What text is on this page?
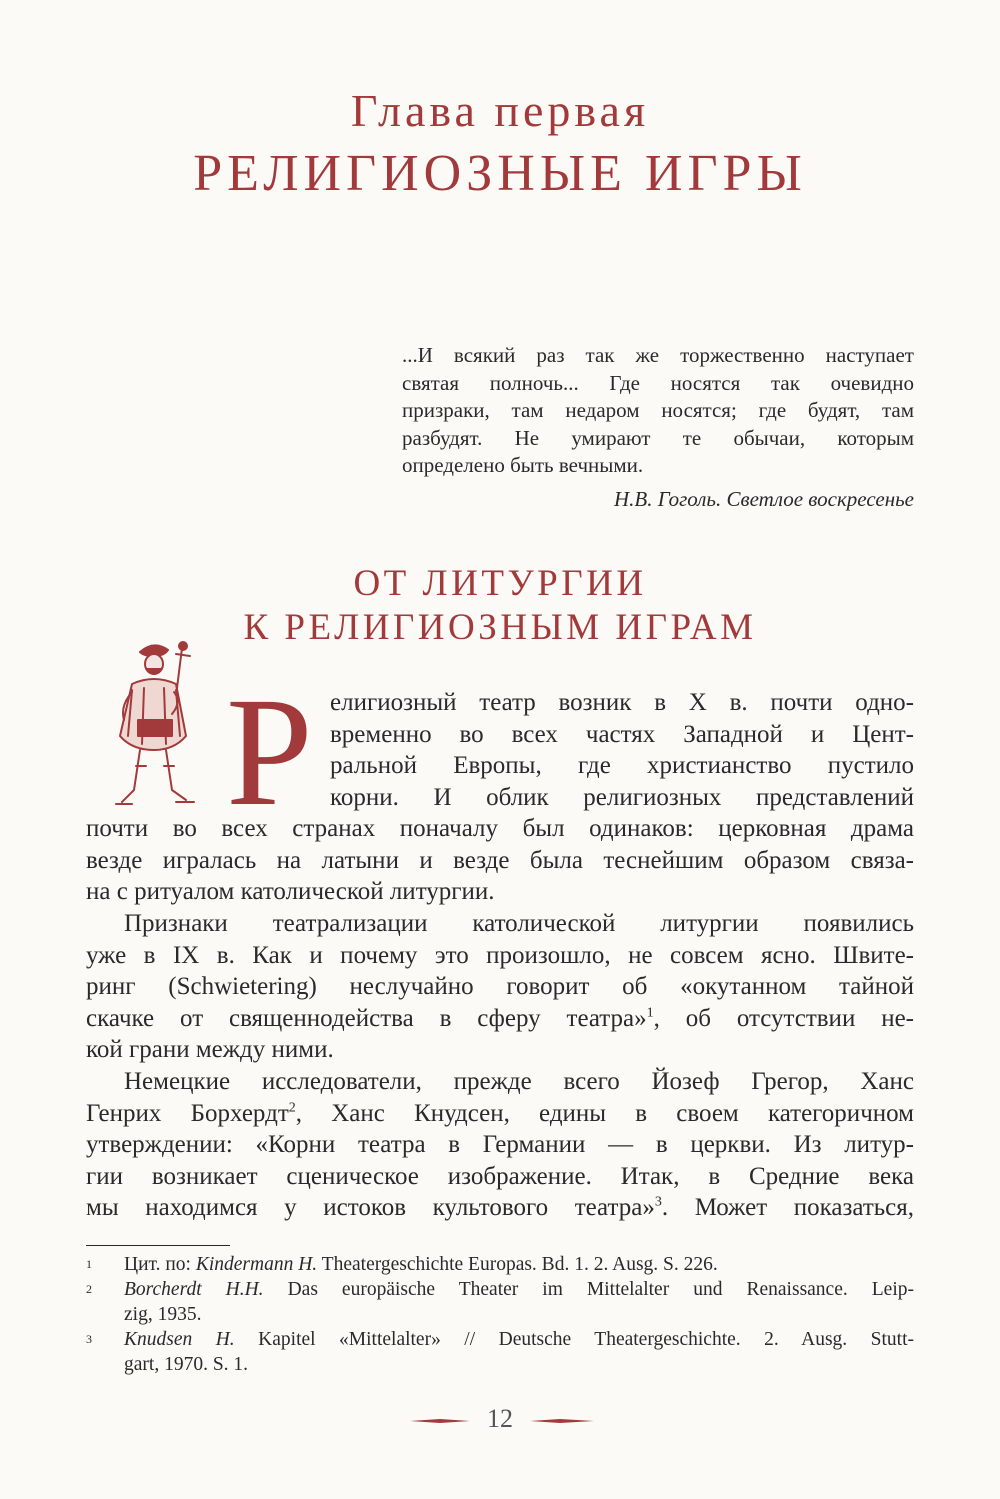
Глава первая
РЕЛИГИОЗНЫЕ ИГРЫ
...И всякий раз так же торжественно наступает
святая полночь... Где носятся так очевидно
призраки, там недаром носятся; где будят, там
разбудят. Не умирают те обычаи, которым
определено быть вечными.
Н.В. Гоголь. Светлое воскресенье
ОТ ЛИТУРГИИ
К РЕЛИГИОЗНЫМ ИГРАМ
Р елигиозный театр возник в X в. почти одно-
временно во всех частях Западной и Цент-
ральной Европы, где христианство пустило
корни. И облик религиозных представлений
почти во всех странах поначалу был одинаков: церковная драма
везде игралась на латыни и везде была теснейшим образом связа-
на с ритуалом католической литургии.
Признаки театрализации католической литургии появились
уже в IX в. Как и почему это произошло, не совсем ясно. Швите-
ринг (Schwietering) неслучайно говорит об «окутанном тайной
скачке от священнодейства в сферу театра»$^1$, об отсутствии не-
кой грани между ними.
Немецкие исследователи, прежде всего Йозеф Грегор, Ханс
Генрих Борхердт$^2$, Ханс Кнудсен, едины в своем категоричном
утверждении: «Корни театра в Германии — в церкви. Из литур-
гии возникает сценическое изображение. Итак, в Средние века
мы находимся у истоков культового театра»$^3$. Может показаться,
1 Цит. по: Kindermann H. Theatergeschichte Europas. Bd. 1. 2. Ausg. S. 226.
2 Borcherdt H.H. Das europäische Theater im Mittelalter und Renaissance. Leip-
zig, 1935.
3 Knudsen H. Kapitel «Mittelalter» // Deutsche Theatergeschichte. 2. Ausg. Stutt-
gart, 1970. S. 1.
12
